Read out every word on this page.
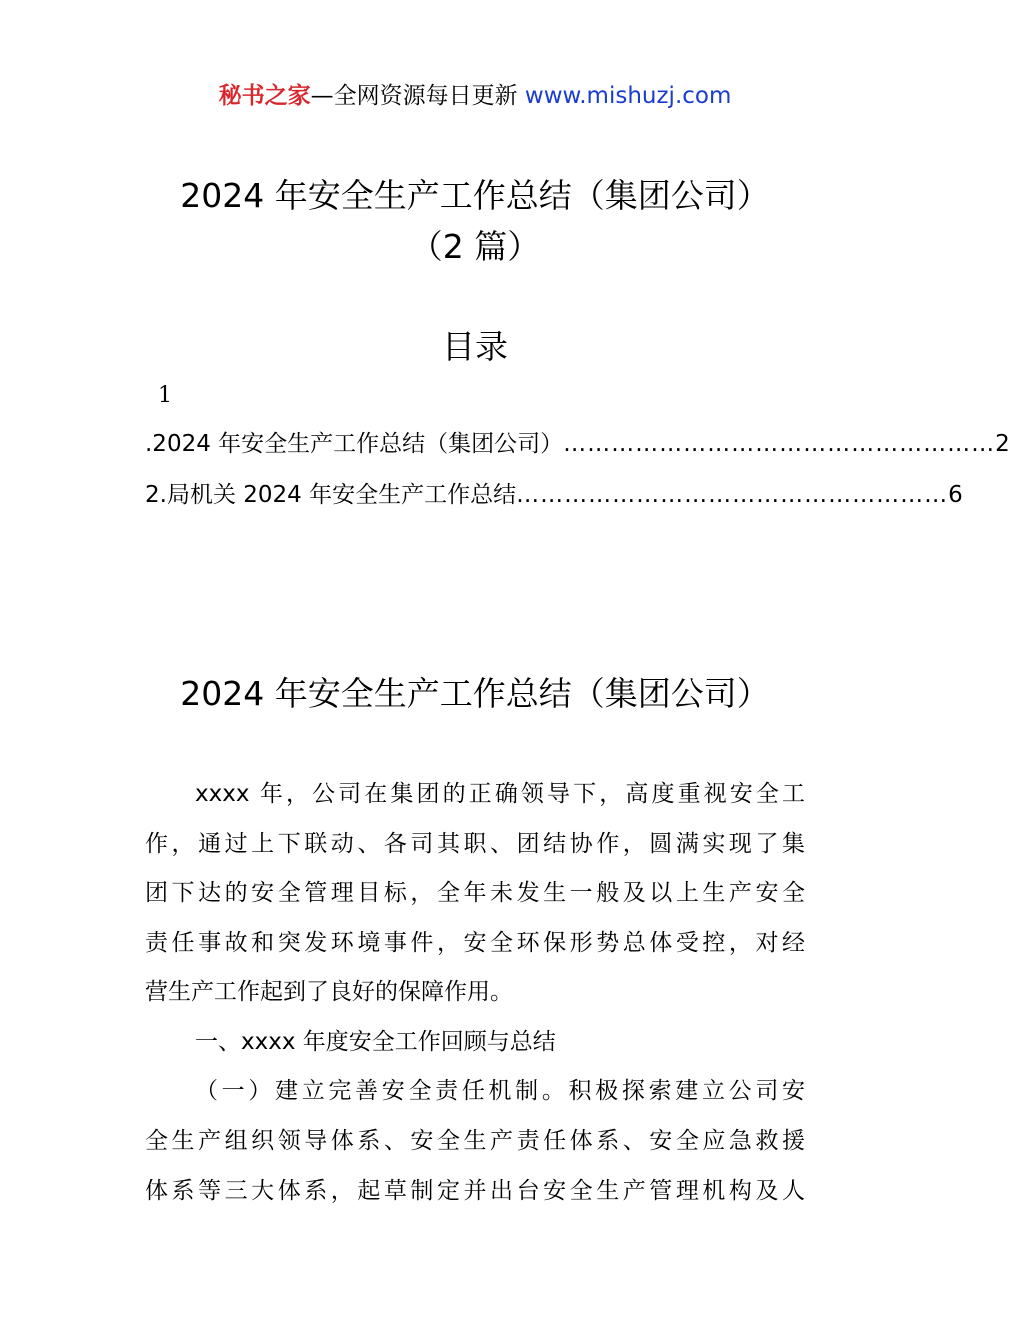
秘书之家—全网资源每日更新 www.mishuzj.com
2024 年安全生产工作总结（集团公司）
（2 篇）
目录
1
.2024 年安全生产工作总结（集团公司） ……………………………………………… 2
2.局机关 2024 年安全生产工作总结 ……………………………………………… 6
2024 年安全生产工作总结（集团公司）
xxxx 年，公司在集团的正确领导下，高度重视安全工
作，通过上下联动、各司其职、团结协作，圆满实现了集
团下达的安全管理目标，全年未发生一般及以上生产安全
责任事故和突发环境事件，安全环保形势总体受控，对经
营生产工作起到了良好的保障作用。
一、xxxx 年度安全工作回顾与总结
（一）建立完善安全责任机制。积极探索建立公司安
全生产组织领导体系、安全生产责任体系、安全应急救援
体系等三大体系，起草制定并出台安全生产管理机构及人
